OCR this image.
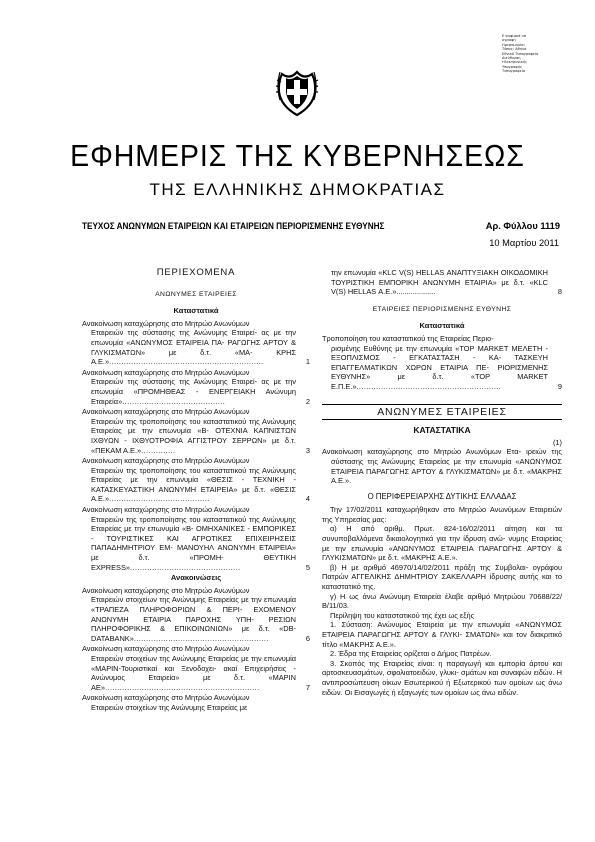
Ε ψηφιακά υπ
ογραφή
Ημερομηνία:
Τόπος: Αθήνα
Εθνικό Τυπογραφείο
Διεύθυνση
Ηλεκτρονικής
Υπογραφής
Τυπογραφείο
ΕΦΗΜΕΡΙΣ ΤΗΣ ΚΥΒΕΡΝΗΣΕΩΣ
ΤΗΣ ΕΛΛΗΝΙΚΗΣ ΔΗΜΟΚΡΑΤΙΑΣ
ΤΕΥΧΟΣ ΑΝΩΝΥΜΩΝ ΕΤΑΙΡΕΙΩΝ ΚΑΙ ΕΤΑΙΡΕΙΩΝ ΠΕΡΙΟΡΙΣΜΕΝΗΣ ΕΥΘΥΝΗΣ	Αρ. Φύλλου 1119
10 Μαρτίου 2011
ΠΕΡΙΕΧΟΜΕΝΑ
ΑΝΩΝΥΜΕΣ ΕΤΑΙΡΕΙΕΣ
Καταστατικά
Ανακοίνωση καταχώρησης στο Μητρώο Ανωνύμων
Εταιρειών της σύστασης της Ανώνυμης Εταιρεί- ας με την επωνυμία «ΑΝΩΝΥΜΟΣ ΕΤΑΙΡΕΙΑ ΠΑ- ΡΑΓΩΓΗΣ ΑΡΤΟΥ & ΓΛΥΚΙΣΜΑΤΩΝ» με δ.τ. «ΜΑ- ΚΡΗΣ Α.Ε.»...............................................................	1
Ανακοίνωση καταχώρησης στο Μητρώο Ανωνύμων
Εταιρειών της σύστασης της Ανώνυμης Εταιρεί- ας με την επωνυμία «ΠΡΟΜΗΘΕΑΣ - ΕΝΕΡΓΕΙΑΚΗ Ανώνυμη Εταιρεία»..........................................	2
Ανακοίνωση καταχώρησης στο Μητρώο Ανωνύμων
Εταιρειών της τροποποίησης του καταστατικού της Ανώνυμης Εταιρείας με την επωνυμία «Β- ΟΤΕΧΝΙΑ ΚΑΠΝΙΣΤΩΝ ΙΧΘΥΩΝ - ΙΧΘΥΟΤΡΟΦΙΑ ΑΓΓΙΣΤΡΟΥ ΣΕΡΡΩΝ» με δ.τ. «ΠΕΚΑΜ Α.Ε.»..............	3
Ανακοίνωση καταχώρησης στο Μητρώο Ανωνύμων
Εταιρειών της τροποποίησης του καταστατικού της Ανώνυμης Εταιρείας με την επωνυμία «ΘΕΣΙΣ - ΤΕΧΝΙΚΗ - ΚΑΤΑΣΚΕΥΑΣΤΙΚΗ ΑΝΩΝΥΜΗ ΕΤΑΙΡΕΙΑ» με δ.τ. «ΘΕΣΙΣ Α.Ε.».........................................	4
Ανακοίνωση καταχώρησης στο Μητρώο Ανωνύμων
Εταιρειών της τροποποίησης του καταστατικού της Ανώνυμης Εταιρείας με την επωνυμία «Β- ΟΜΗΧΑΝΙΚΕΣ - ΕΜΠΟΡΙΚΕΣ - ΤΟΥΡΙΣΤΙΚΕΣ ΚΑΙ ΑΓΡΟΤΙΚΕΣ ΕΠΙΧΕΙΡΗΣΕΙΣ ΠΑΠΑΔΗΜΗΤΡΙΟΥ ΕΜ- ΜΑΝΟΥΗΛ ΑΝΩΝΥΜΗ ΕΤΑΙΡΕΙΑ» με δ.τ. «ΠΡΟΜΗ- ΘΕΥΤΙΚΗ EXPRESS».............................................	5
Ανακοινώσεις
Ανακοίνωση καταχώρησης στο Μητρώο Ανωνύμων
Εταιρειών στοιχείων της Ανώνυμης Εταιρείας με την επωνυμία «ΤΡΑΠΕΖΑ ΠΛΗΡΟΦΟΡΙΩΝ & ΠΕΡΙ- ΕΧΟΜΕΝΟΥ ΑΝΩΝΥΜΗ ΕΤΑΙΡΙΑ ΠΑΡΟΧΗΣ ΥΠΗ- ΡΕΣΙΩΝ ΠΛΗΡΟΦΟΡΙΚΗΣ & ΕΠΙΚΟΙΝΩΝΙΩΝ» με δ.τ. «DB-DATABANK».......................................................	6
Ανακοίνωση καταχώρησης στο Μητρώο Ανωνύμων
Εταιρειών στοιχείων της Ανώνυμης Εταιρείας με την επωνυμία «ΜΑΡΙΝ-Τουριστικαί και Ξενοδοχει- ακαί Επιχειρήσεις - Ανώνυμος Εταιρεία» με δ.τ. «ΜΑΡΙΝ ΑΕ»...............................................................	7
Ανακοίνωση καταχώρησης στο Μητρώο Ανωνύμων
Εταιρειών στοιχείων της Ανώνυμης Εταιρείας με
την επωνυμία «KLC V(S) HELLAS ΑΝΑΠΤΥΞΙΑΚΗ ΟΙΚΟΔΟΜΙΚΗ ΤΟΥΡΙΣΤΙΚΗ ΕΜΠΟΡΙΚΗ ΑΝΩΝΥΜΗ ΕΤΑΙΡΙΑ» με δ.τ. «KLC V(S) HELLAS Α.Ε.»...................	8
ΕΤΑΙΡΕΙΕΣ ΠΕΡΙΟΡΙΣΜΕΝΗΣ ΕΥΘΥΝΗΣ
Καταστατικά
Τροποποίηση του καταστατικού της Εταιρείας Περιο-
ρισμένης Ευθύνης με την επωνυμία «TOP MARKET ΜΕΛΕΤΗ - ΕΞΟΠΛΙΣΜΟΣ - ΕΓΚΑΤΑΣΤΑΣΗ - ΚΑ- ΤΑΣΚΕΥΗ ΕΠΑΓΓΕΛΜΑΤΙΚΩΝ ΧΩΡΩΝ ΕΤΑΙΡΙΑ ΠΕ- ΡΙΟΡΙΣΜΕΝΗΣ ΕΥΘΥΝΗΣ» με δ.τ. «TOP MARKET Ε.Π.Ε.»...........................................................	9
ΑΝΩΝΥΜΕΣ ΕΤΑΙΡΕΙΕΣ
ΚΑΤΑΣΤΑΤΙΚΑ
(1)
Ανακοίνωση καταχώρησης στο Μητρώο Ανωνύμων Ετα- ιρειών της σύστασης της Ανώνυμης Εταιρείας με την επωνυμία «ΑΝΩΝΥΜΟΣ ΕΤΑΙΡΕΙΑ ΠΑΡΑΓΩΓΗΣ ΑΡΤΟΥ & ΓΛΥΚΙΣΜΑΤΩΝ» με δ.τ. «ΜΑΚΡΗΣ Α.Ε.».
Ο ΠΕΡΙΦΕΡΕΙΑΡΧΗΣ ΔΥΤΙΚΗΣ ΕΛΛΑΔΑΣ
Την 17/02/2011 καταχωρήθηκαν στο Μητρώο Ανωνύμων Εταιρειών της Υπηρεσίας μας:
α) Η από αριθμ. Πρωτ. 824-16/02/2011 αίτηση και τα συνυποβαλλόμενα δικαιολογητικά για την ίδρυση ανώ- νυμης Εταιρείας με την επωνυμία «ΑΝΩΝΥΜΟΣ ΕΤΑΙΡΕΙΑ ΠΑΡΑΓΩΓΗΣ ΑΡΤΟΥ & ΓΛΥΚΙΣΜΑΤΩΝ» με δ.τ. «ΜΑΚΡΗΣ Α.Ε.».
β) Η με αριθμό 46970/14/02/2011 πράξη της Συμβολαι- ογράφου Πατρών ΑΓΓΕΛΙΚΗΣ ΔΗΜΗΤΡΙΟΥ ΣΑΚΕΛΛΑΡΗ ίδρυσης αυτής και το καταστατικό της.
γ) Η ως άνω Ανώνυμη Εταιρεία έλαβε αριθμό Μητρώου 70688/22/Β/11/03.
Περίληψη του καταστατικού της έχει ως εξής
1. Σύσταση: Ανώνυμος Εταιρεία με την επωνυμία «ΑΝΩΝΥΜΟΣ ΕΤΑΙΡΕΙΑ ΠΑΡΑΓΩΓΗΣ ΑΡΤΟΥ & ΓΛΥΚΙ- ΣΜΑΤΩΝ» και τον διακριτικό τίτλο «ΜΑΚΡΗΣ Α.Ε.».
2. Έδρα της Εταιρείας ορίζεται ο Δήμος Πατρέων.
3. Σκοπός της Εταιρείας είναι: η παραγωγή και εμπορία άρτου και αρτοσκευασμάτων, σφολιατοειδών, γλυκι- σμάτων και συναφών ειδών. Η αντιπροσώπευση οίκων Εσωτερικού ή Εξωτερικού των ομοίων ως άνω ειδών. Οι Εισαγωγές ή εξαγωγές των ομοίων ως άνω ειδών.
